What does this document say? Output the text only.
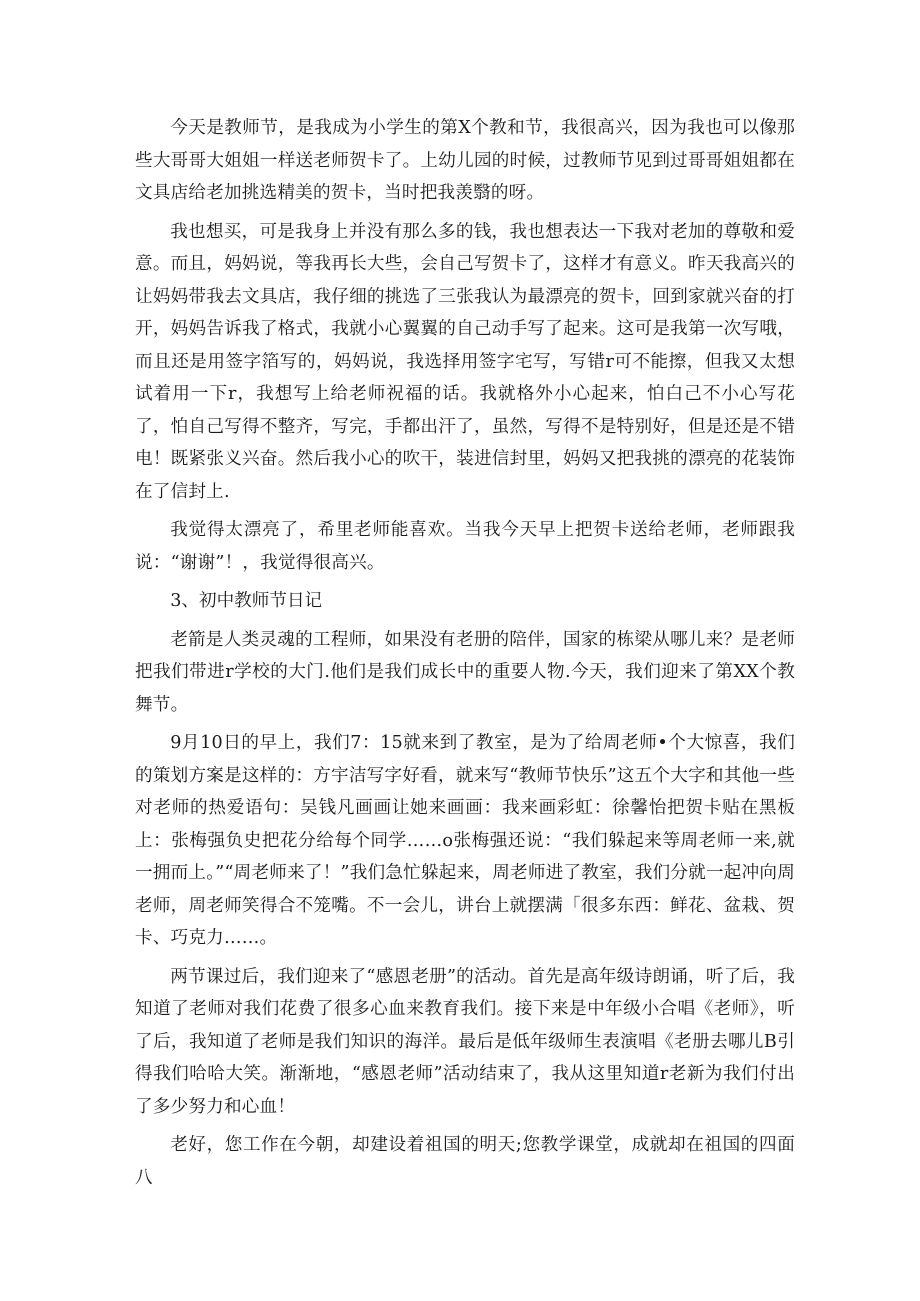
今天是教师节，是我成为小学生的第X个教和节，我很高兴，因为我也可以像那些大哥哥大姐姐一样送老师贺卡了。上幼儿园的时候，过教师节见到过哥哥姐姐都在文具店给老加挑选精美的贺卡，当时把我羡翳的呀。

我也想买，可是我身上并没有那么多的钱，我也想表达一下我对老加的尊敬和爱意。而且，妈妈说，等我再长大些，会自己写贺卡了，这样才有意义。昨天我高兴的让妈妈带我去文具店，我仔细的挑选了三张我认为最漂亮的贺卡，回到家就兴奋的打开，妈妈告诉我了格式，我就小心翼翼的自己动手写了起来。这可是我第一次写哦，而且还是用签字箔写的，妈妈说，我选择用签字宅写，写错r可不能擦，但我又太想试着用一下r，我想写上给老师祝福的话。我就格外小心起来，怕白己不小心写花了，怕自己写得不整齐，写完，手都出汗了，虽然，写得不是特别好，但是还是不错电！既紧张义兴奋。然后我小心的吹干，装进信封里，妈妈又把我挑的漂亮的花装饰在了信封上.

我觉得太漂亮了，希里老师能喜欢。当我今天早上把贺卡送给老师，老师跟我说：“谢谢”！，我觉得很高兴。

3、初中教师节日记

老箭是人类灵魂的工程师，如果没有老册的陪伴，国家的栋梁从哪儿来？是老师把我们带进r学校的大门.他们是我们成长中的重要人物.今天，我们迎来了第XX个教舞节。

9月10日的早上，我们7：15就来到了教室，是为了给周老师•个大惊喜，我们的策划方案是这样的：方宇洁写字好看，就来写“教师节快乐”这五个大字和其他一些对老师的热爱语句：吴钱凡画画让她来画画：我来画彩虹：徐馨怡把贺卡贴在黑板上：张梅强负史把花分给每个同学……o张梅强还说：“我们躲起来等周老师一来,就一拥而上。”“周老师来了！”我们急忙躲起来，周老师进了教室，我们分就一起冲向周老师，周老师笑得合不笼嘴。不一会儿，讲台上就摆满「很多东西：鲜花、盆栽、贺卡、巧克力……。

两节课过后，我们迎来了“感恩老册”的活动。首先是高年级诗朗诵，听了后，我知道了老师对我们花费了很多心血来教育我们。接下来是中年级小合唱《老师》，听了后，我知道了老师是我们知识的海洋。最后是低年级师生表演唱《老册去哪儿B引得我们哈哈大笑。渐渐地，“感恩老师”活动结束了，我从这里知道r老新为我们付出了多少努力和心血！

老好，您工作在今朝，却建设着祖国的明天;您教学课堂，成就却在祖国的四面八
